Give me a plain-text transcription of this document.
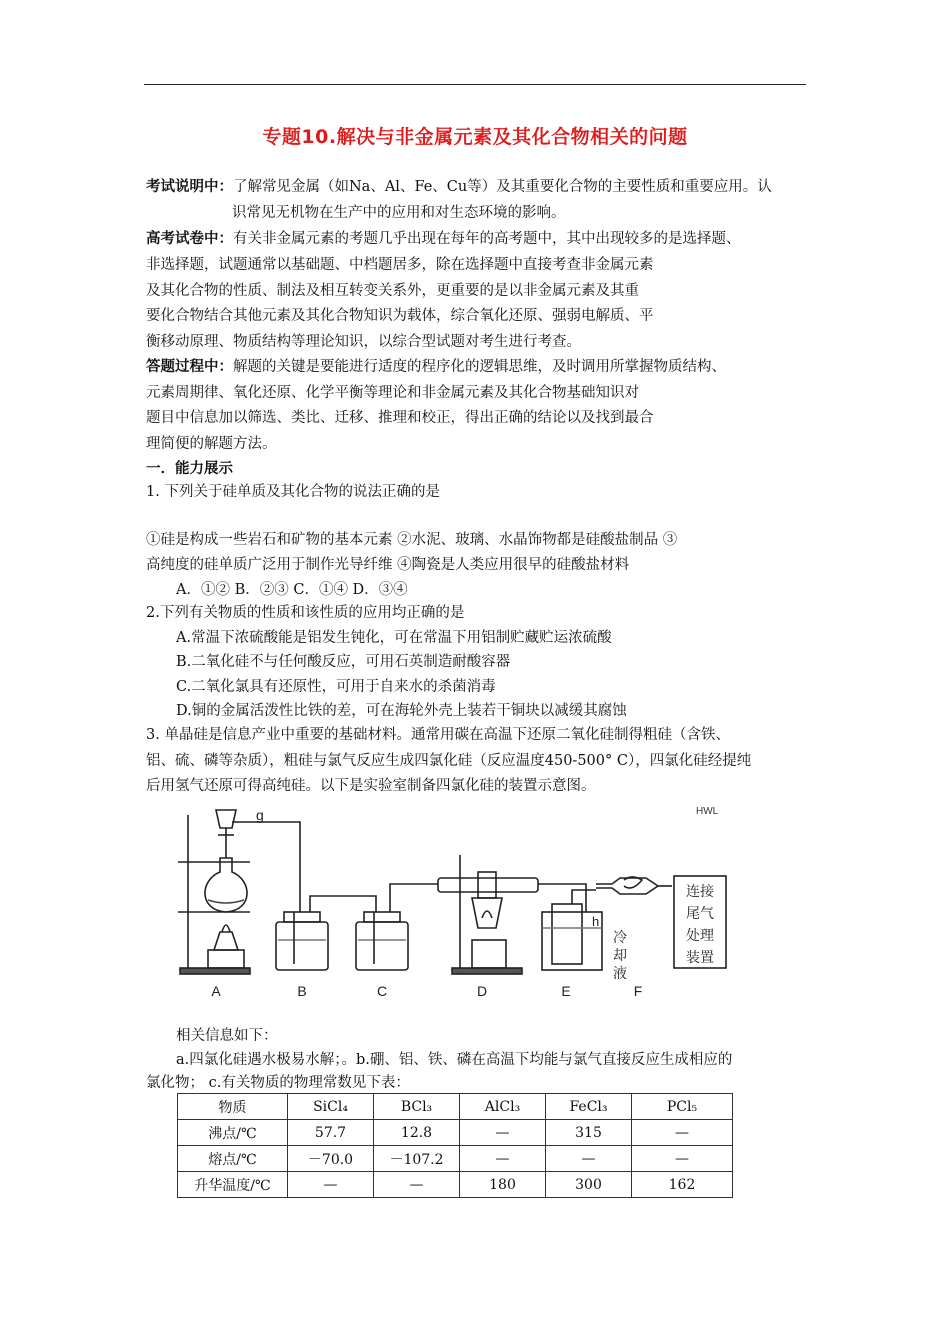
专题10.解决与非金属元素及其化合物相关的问题
考试说明中：了解常见金属（如Na、Al、Fe、Cu等）及其重要化合物的主要性质和重要应用。认
识常见无机物在生产中的应用和对生态环境的影响。
高考试卷中：有关非金属元素的考题几乎出现在每年的高考题中，其中出现较多的是选择题、
非选择题，试题通常以基础题、中档题居多，除在选择题中直接考查非金属元素
及其化合物的性质、制法及相互转变关系外，更重要的是以非金属元素及其重
要化合物结合其他元素及其化合物知识为载体，综合氧化还原、强弱电解质、平
衡移动原理、物质结构等理论知识，以综合型试题对考生进行考查。
答题过程中：解题的关键是要能进行适度的程序化的逻辑思维，及时调用所掌握物质结构、
元素周期律、氧化还原、化学平衡等理论和非金属元素及其化合物基础知识对
题目中信息加以筛选、类比、迁移、推理和校正，得出正确的结论以及找到最合
理简便的解题方法。
一．能力展示
1. 下列关于硅单质及其化合物的说法正确的是
①硅是构成一些岩石和矿物的基本元素 ②水泥、玻璃、水晶饰物都是硅酸盐制品 ③
高纯度的硅单质广泛用于制作光导纤维 ④陶瓷是人类应用很早的硅酸盐材料
A．①② B．②③ C．①④ D．③④
2.下列有关物质的性质和该性质的应用均正确的是
A.常温下浓硫酸能是铝发生钝化，可在常温下用铝制贮藏贮运浓硫酸
B.二氧化硅不与任何酸反应，可用石英制造耐酸容器
C.二氧化氯具有还原性，可用于自来水的杀菌消毒
D.铜的金属活泼性比铁的差，可在海轮外壳上装若干铜块以减缓其腐蚀
3. 单晶硅是信息产业中重要的基础材料。通常用碳在高温下还原二氧化硅制得粗硅（含铁、
铝、硫、磷等杂质），粗硅与氯气反应生成四氯化硅（反应温度450-500° C），四氯化硅经提纯
后用氢气还原可得高纯硅。以下是实验室制备四氯化硅的装置示意图。
g
h
HWL
A	B	C	D	E	F
冷
却
液
连接
尾气
处理
装置
相关信息如下：
a.四氯化硅遇水极易水解；。b.硼、铝、铁、磷在高温下均能与氯气直接反应生成相应的
氯化物； c.有关物质的物理常数见下表：
物质	SiCl₄	BCl₃	AlCl₃	FeCl₃	PCl₅
沸点/℃	57.7	12.8	—	315	—
熔点/℃	－70.0	－107.2	—	—	—
升华温度/℃	—	—	180	300	162
